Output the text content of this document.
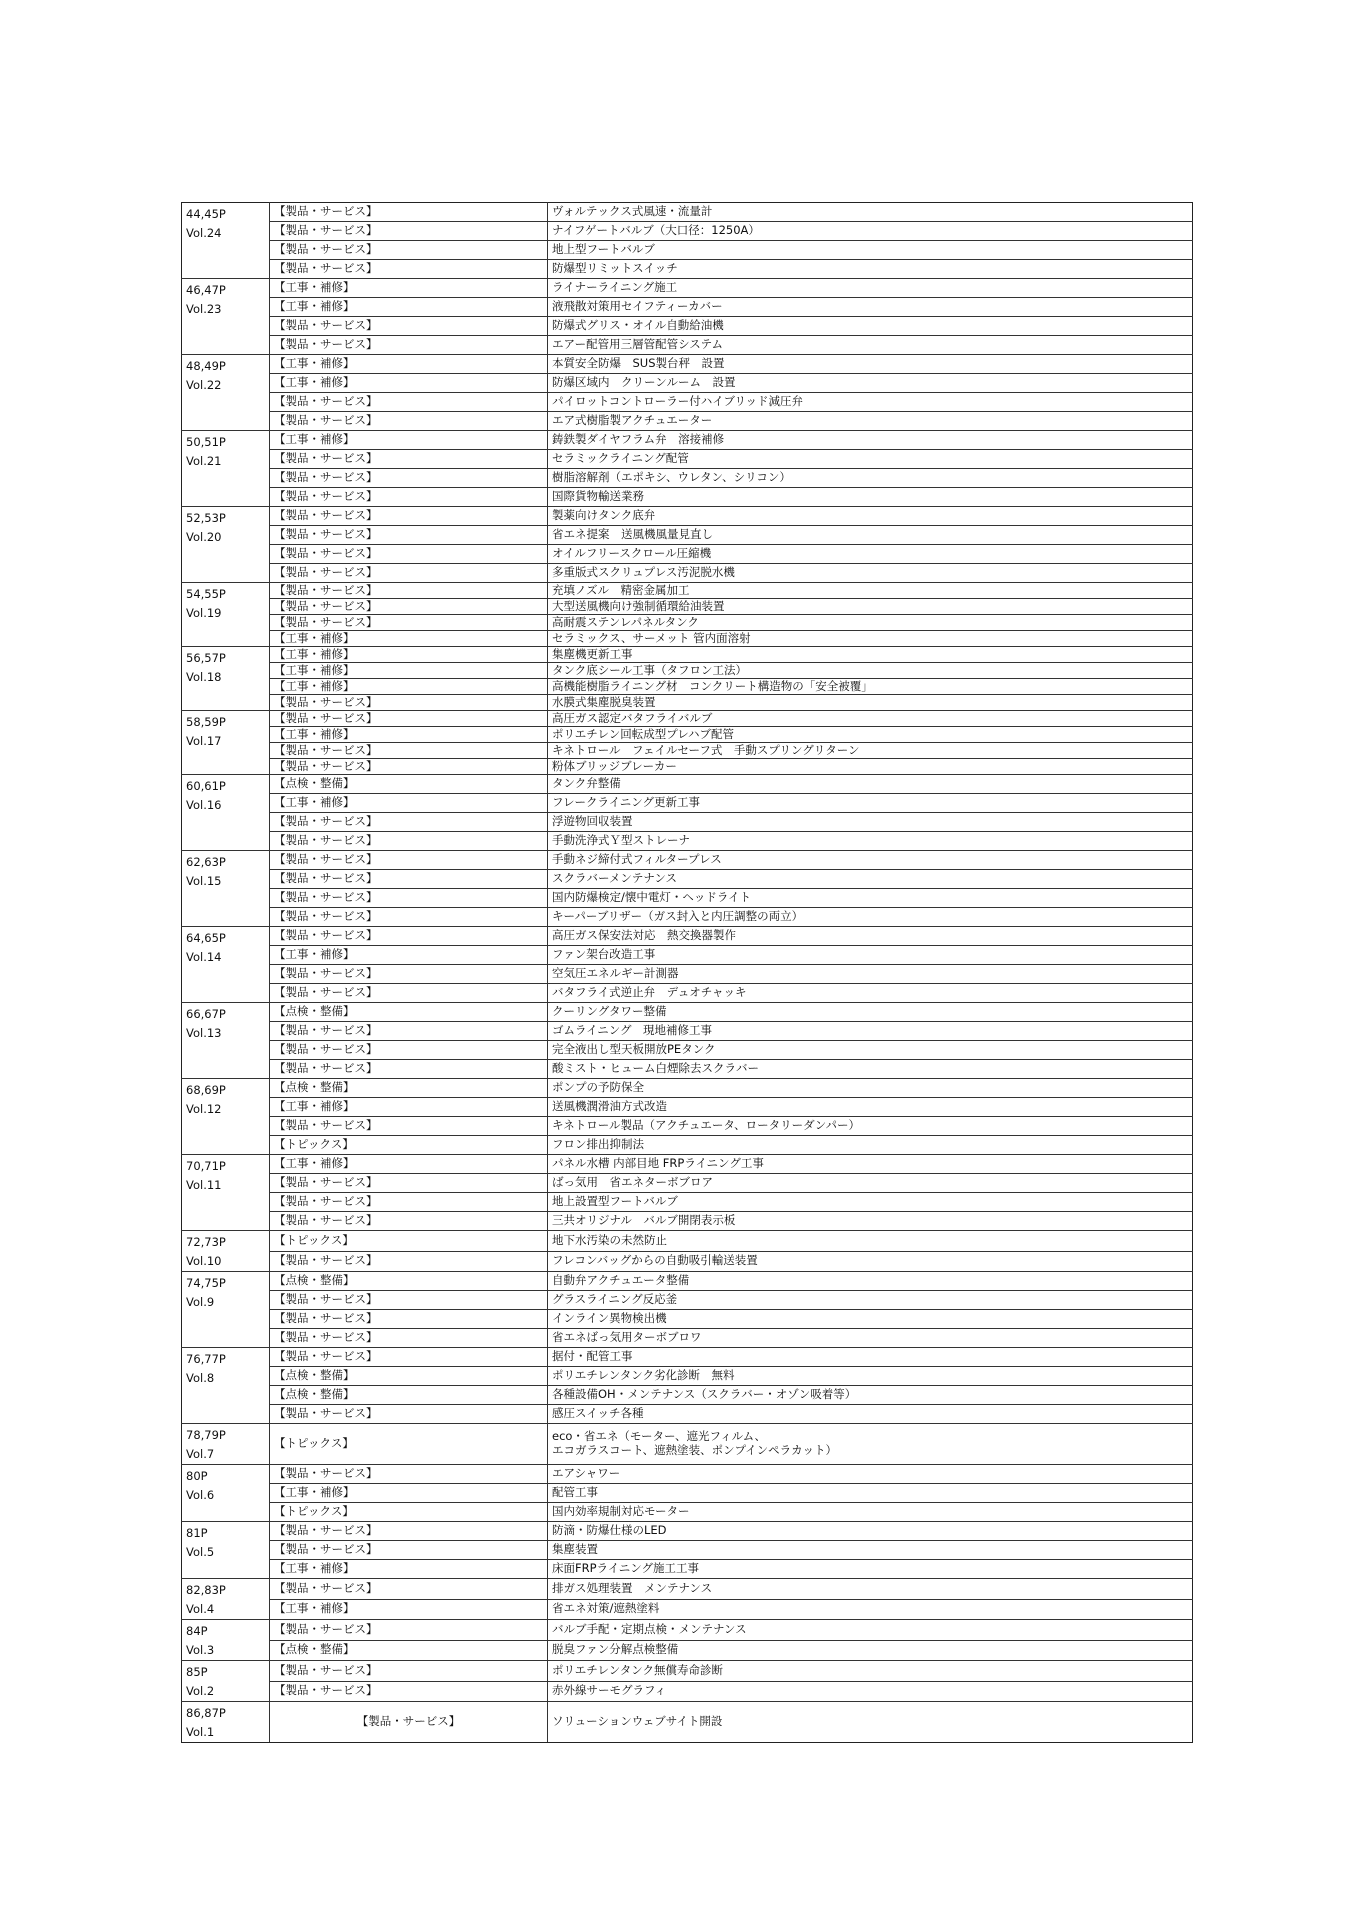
44,45P
Vol.24	【製品・サービス】	ヴォルテックス式風速・流量計
	【製品・サービス】	ナイフゲートバルブ（大口径：1250A）
	【製品・サービス】	地上型フートバルブ
	【製品・サービス】	防爆型リミットスイッチ

46,47P
Vol.23	【工事・補修】	ライナーライニング施工
	【工事・補修】	液飛散対策用セイフティーカバー
	【製品・サービス】	防爆式グリス・オイル自動給油機
	【製品・サービス】	エアー配管用三層管配管システム

48,49P
Vol.22	【工事・補修】	本質安全防爆　SUS製台秤　設置
	【工事・補修】	防爆区域内　クリーンルーム　設置
	【製品・サービス】	パイロットコントローラー付ハイブリッド減圧弁
	【製品・サービス】	エア式樹脂製アクチュエーター

50,51P
Vol.21	【工事・補修】	鋳鉄製ダイヤフラム弁　溶接補修
	【製品・サービス】	セラミックライニング配管
	【製品・サービス】	樹脂溶解剤（エポキシ、ウレタン、シリコン）
	【製品・サービス】	国際貨物輸送業務

52,53P
Vol.20	【製品・サービス】	製薬向けタンク底弁
	【製品・サービス】	省エネ提案　送風機風量見直し
	【製品・サービス】	オイルフリースクロール圧縮機
	【製品・サービス】	多重版式スクリュプレス汚泥脱水機

54,55P
Vol.19	【製品・サービス】	充填ノズル　精密金属加工
	【製品・サービス】	大型送風機向け強制循環給油装置
	【製品・サービス】	高耐震ステンレパネルタンク
	【工事・補修】	セラミックス、サーメット 管内面溶射

56,57P
Vol.18	【工事・補修】	集塵機更新工事
	【工事・補修】	タンク底シール工事（タフロン工法）
	【工事・補修】	高機能樹脂ライニング材　コンクリート構造物の「安全被覆」
	【製品・サービス】	水膜式集塵脱臭装置

58,59P
Vol.17	【製品・サービス】	高圧ガス認定バタフライバルブ
	【工事・補修】	ポリエチレン回転成型プレハブ配管
	【製品・サービス】	キネトロール　フェイルセーフ式　手動スプリングリターン
	【製品・サービス】	粉体ブリッジブレーカー

60,61P
Vol.16	【点検・整備】	タンク弁整備
	【工事・補修】	フレークライニング更新工事
	【製品・サービス】	浮遊物回収装置
	【製品・サービス】	手動洗浄式Ｙ型ストレーナ

62,63P
Vol.15	【製品・サービス】	手動ネジ締付式フィルタープレス
	【製品・サービス】	スクラバーメンテナンス
	【製品・サービス】	国内防爆検定/懐中電灯・ヘッドライト
	【製品・サービス】	キーパーブリザー（ガス封入と内圧調整の両立）

64,65P
Vol.14	【製品・サービス】	高圧ガス保安法対応　熱交換器製作
	【工事・補修】	ファン架台改造工事
	【製品・サービス】	空気圧エネルギー計測器
	【製品・サービス】	バタフライ式逆止弁　デュオチャッキ

66,67P
Vol.13	【点検・整備】	クーリングタワー整備
	【製品・サービス】	ゴムライニング　現地補修工事
	【製品・サービス】	完全液出し型天板開放PEタンク
	【製品・サービス】	酸ミスト・ヒューム白煙除去スクラバー

68,69P
Vol.12	【点検・整備】	ポンプの予防保全
	【工事・補修】	送風機潤滑油方式改造
	【製品・サービス】	キネトロール製品（アクチュエータ、ロータリーダンパー）
	【トピックス】	フロン排出抑制法

70,71P
Vol.11	【工事・補修】	パネル水槽 内部目地 FRPライニング工事
	【製品・サービス】	ばっ気用　省エネターボブロア
	【製品・サービス】	地上設置型フートバルブ
	【製品・サービス】	三共オリジナル　バルブ開閉表示板

72,73P
Vol.10	【トピックス】	地下水汚染の未然防止
	【製品・サービス】	フレコンバッグからの自動吸引輸送装置

74,75P
Vol.9	【点検・整備】	自動弁アクチュエータ整備
	【製品・サービス】	グラスライニング反応釜
	【製品・サービス】	インライン異物検出機
	【製品・サービス】	省エネばっ気用ターボブロワ

76,77P
Vol.8	【製品・サービス】	据付・配管工事
	【点検・整備】	ポリエチレンタンク劣化診断　無料
	【点検・整備】	各種設備OH・メンテナンス（スクラバー・オゾン吸着等）
	【製品・サービス】	感圧スイッチ各種

78,79P
Vol.7	【トピックス】	eco・省エネ（モーター、遮光フィルム、
エコガラスコート、遮熱塗装、ポンプインペラカット）

80P
Vol.6	【製品・サービス】	エアシャワー
	【工事・補修】	配管工事
	【トピックス】	国内効率規制対応モーター

81P
Vol.5	【製品・サービス】	防滴・防爆仕様のLED
	【製品・サービス】	集塵装置
	【工事・補修】	床面FRPライニング施工工事

82,83P
Vol.4	【製品・サービス】	排ガス処理装置　メンテナンス
	【工事・補修】	省エネ対策/遮熱塗料

84P
Vol.3	【製品・サービス】	バルブ手配・定期点検・メンテナンス
	【点検・整備】	脱臭ファン分解点検整備

85P
Vol.2	【製品・サービス】	ポリエチレンタンク無償寿命診断
	【製品・サービス】	赤外線サーモグラフィ

86,87P
Vol.1	【製品・サービス】	ソリューションウェブサイト開設
